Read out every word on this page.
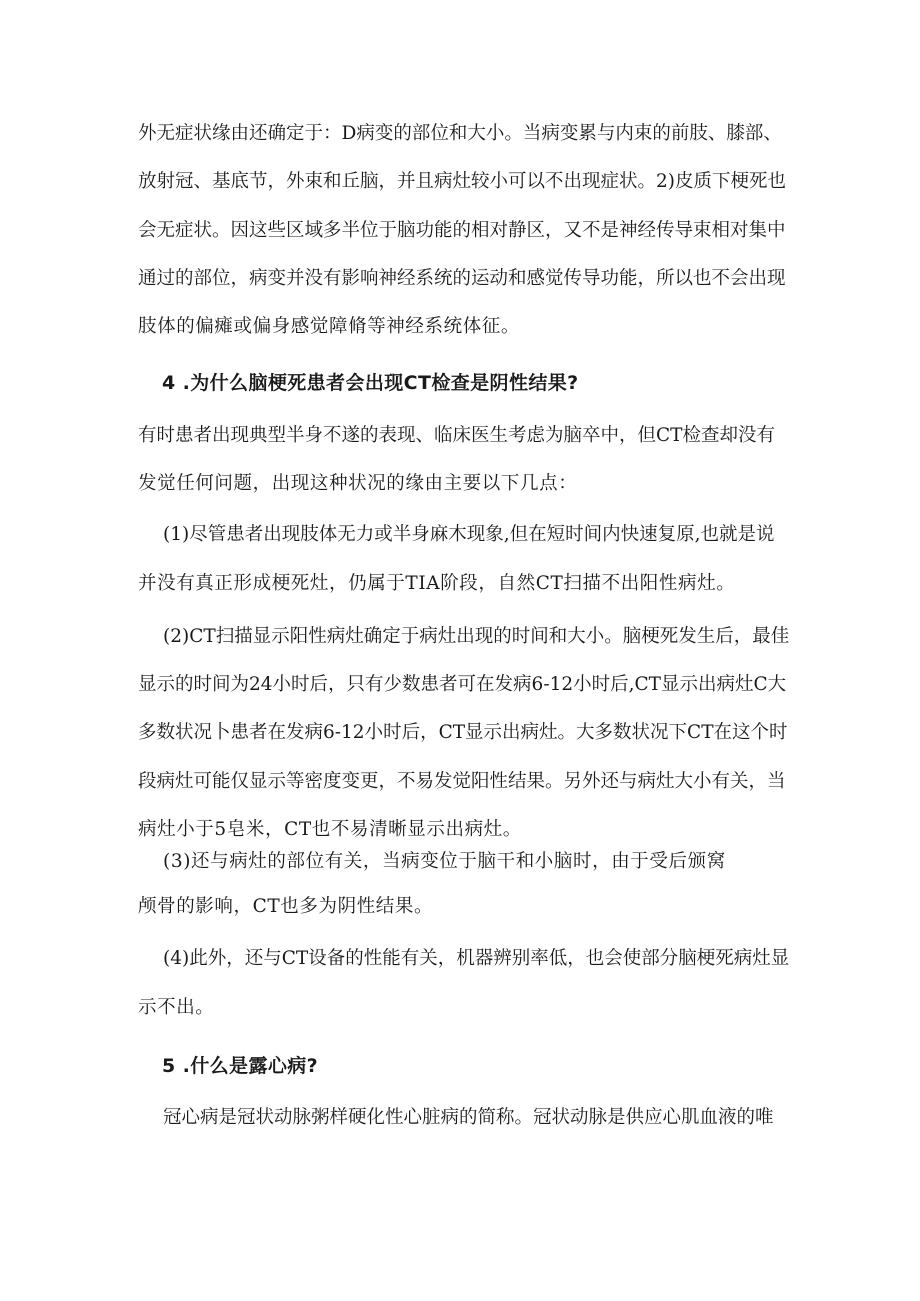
外无症状缘由还确定于：D病变的部位和大小。当病变累与内束的前肢、膝部、
放射冠、基底节，外束和丘脑，并且病灶较小可以不出现症状。2)皮质下梗死也
会无症状。因这些区域多半位于脑功能的相对静区，又不是神经传导束相对集中
通过的部位，病变并没有影响神经系统的运动和感觉传导功能，所以也不会出现
肢体的偏瘫或偏身感觉障脩等神经系统体征。
4 .为什么脑梗死患者会出现CT检查是阴性结果?
有时患者出现典型半身不遂的表现、临床医生考虑为脑卒中，但CT检查却没有
发觉任何问题，出现这种状况的缘由主要以下几点：
(1)尽管患者出现肢体无力或半身麻木现象,但在短时间内快速复原,也就是说
并没有真正形成梗死灶，仍属于TIA阶段，自然CT扫描不出阳性病灶。
(2)CT扫描显示阳性病灶确定于病灶出现的时间和大小。脑梗死发生后，最佳
显示的时间为24小时后，只有少数患者可在发病6-12小时后,CT显示出病灶C大
多数状况卜患者在发病6-12小时后，CT显示出病灶。大多数状况下CT在这个时
段病灶可能仅显示等密度变更，不易发觉阳性结果。另外还与病灶大小有关，当
病灶小于5皂米，CT也不易清晰显示出病灶。
(3)还与病灶的部位有关，当病变位于脑干和小脑时，由于受后颁窝
颅骨的影响，CT也多为阴性结果。
(4)此外，还与CT设备的性能有关，机器辨别率低，也会使部分脑梗死病灶显
示不出。
5 .什么是露心病?
冠心病是冠状动脉粥样硬化性心脏病的简称。冠状动脉是供应心肌血液的唯
